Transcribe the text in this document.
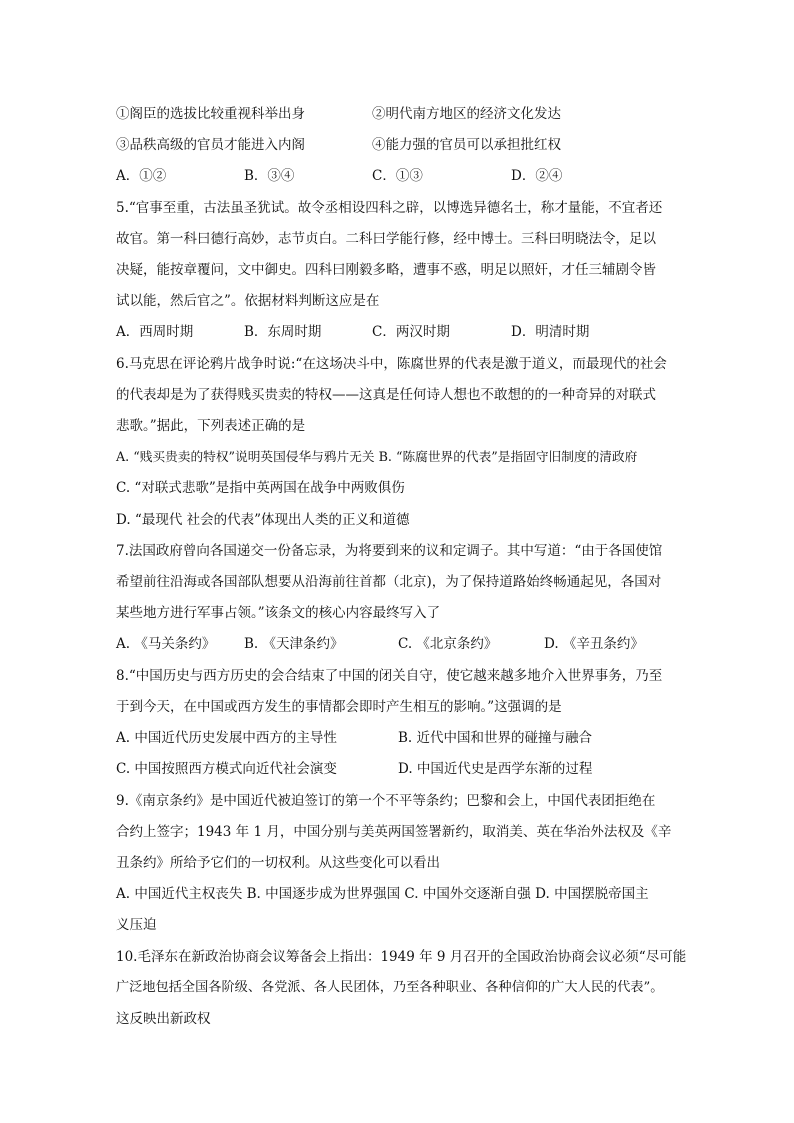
①阁臣的选拔比较重视科举出身	②明代南方地区的经济文化发达
③品秩高级的官员才能进入内阁	④能力强的官员可以承担批红权
A．①②	B．③④	C．①③	D．②④
5.“官事至重，古法虽圣犹试。故令丞相设四科之辟，以博选异德名士，称才量能，不宜者还
故官。第一科曰德行高妙，志节贞白。二科曰学能行修，经中博士。三科曰明晓法令，足以
决疑，能按章覆问，文中御史。四科曰刚毅多略，遭事不惑，明足以照奸，才任三辅剧令皆
试以能，然后官之”。依据材料判断这应是在
A．西周时期	B．东周时期	C．两汉时期	D．明清时期
6.马克思在评论鸦片战争时说:“在这场决斗中，陈腐世界的代表是激于道义，而最现代的社会
的代表却是为了获得贱买贵卖的特权——这真是任何诗人想也不敢想的的一种奇异的对联式
悲歌。”据此，下列表述正确的是
A. “贱买贵卖的特权”说明英国侵华与鸦片无关 B. “陈腐世界的代表”是指固守旧制度的清政府
C. “对联式悲歌”是指中英两国在战争中两败俱伤
D. “最现代 社会的代表”体现出人类的正义和道德
7.法国政府曾向各国递交一份备忘录，为将要到来的议和定调子。其中写道：“由于各国使馆
希望前往沿海或各国部队想要从沿海前往首都（北京)，为了保持道路始终畅通起见，各国对
某些地方进行军事占领。”该条文的核心内容最终写入了
A. 《马关条约》 B. 《天津条约》	C. 《北京条约》	D. 《辛丑条约》
8.“中国历史与西方历史的会合结束了中国的闭关自守，使它越来越多地介入世界事务，乃至
于到今天，在中国或西方发生的事情都会即时产生相互的影响。”这强调的是
A. 中国近代历史发展中西方的主导性	B. 近代中国和世界的碰撞与融合
C. 中国按照西方模式向近代社会演变	D. 中国近代史是西学东渐的过程
9.《南京条约》是中国近代被迫签订的第一个不平等条约；巴黎和会上，中国代表团拒绝在
合约上签字；1943 年 1 月，中国分别与美英两国签署新约，取消美、英在华治外法权及《辛
丑条约》所给予它们的一切权利。从这些变化可以看出
A. 中国近代主权丧失 B. 中国逐步成为世界强国 C. 中国外交逐渐自强 D. 中国摆脱帝国主
义压迫
10.毛泽东在新政治协商会议筹备会上指出：1949 年 9 月召开的全国政治协商会议必须“尽可能
广泛地包括全国各阶级、各党派、各人民团体，乃至各种职业、各种信仰的广大人民的代表”。
这反映出新政权
